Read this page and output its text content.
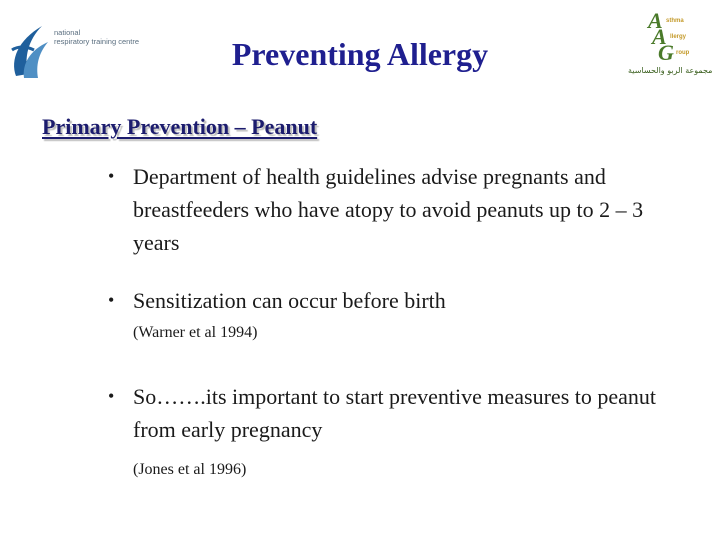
national
respiratory training centre
A sthma
A llergy
G roup
مجموعة الربو والحساسية
Preventing Allergy
Primary Prevention – Peanut
• Department of health guidelines advise pregnants and breastfeeders who have atopy to avoid peanuts up to 2 – 3 years
• Sensitization can occur before birth
(Warner et al 1994)
• So…….its important to start preventive measures to peanut from early pregnancy
(Jones et al 1996)
